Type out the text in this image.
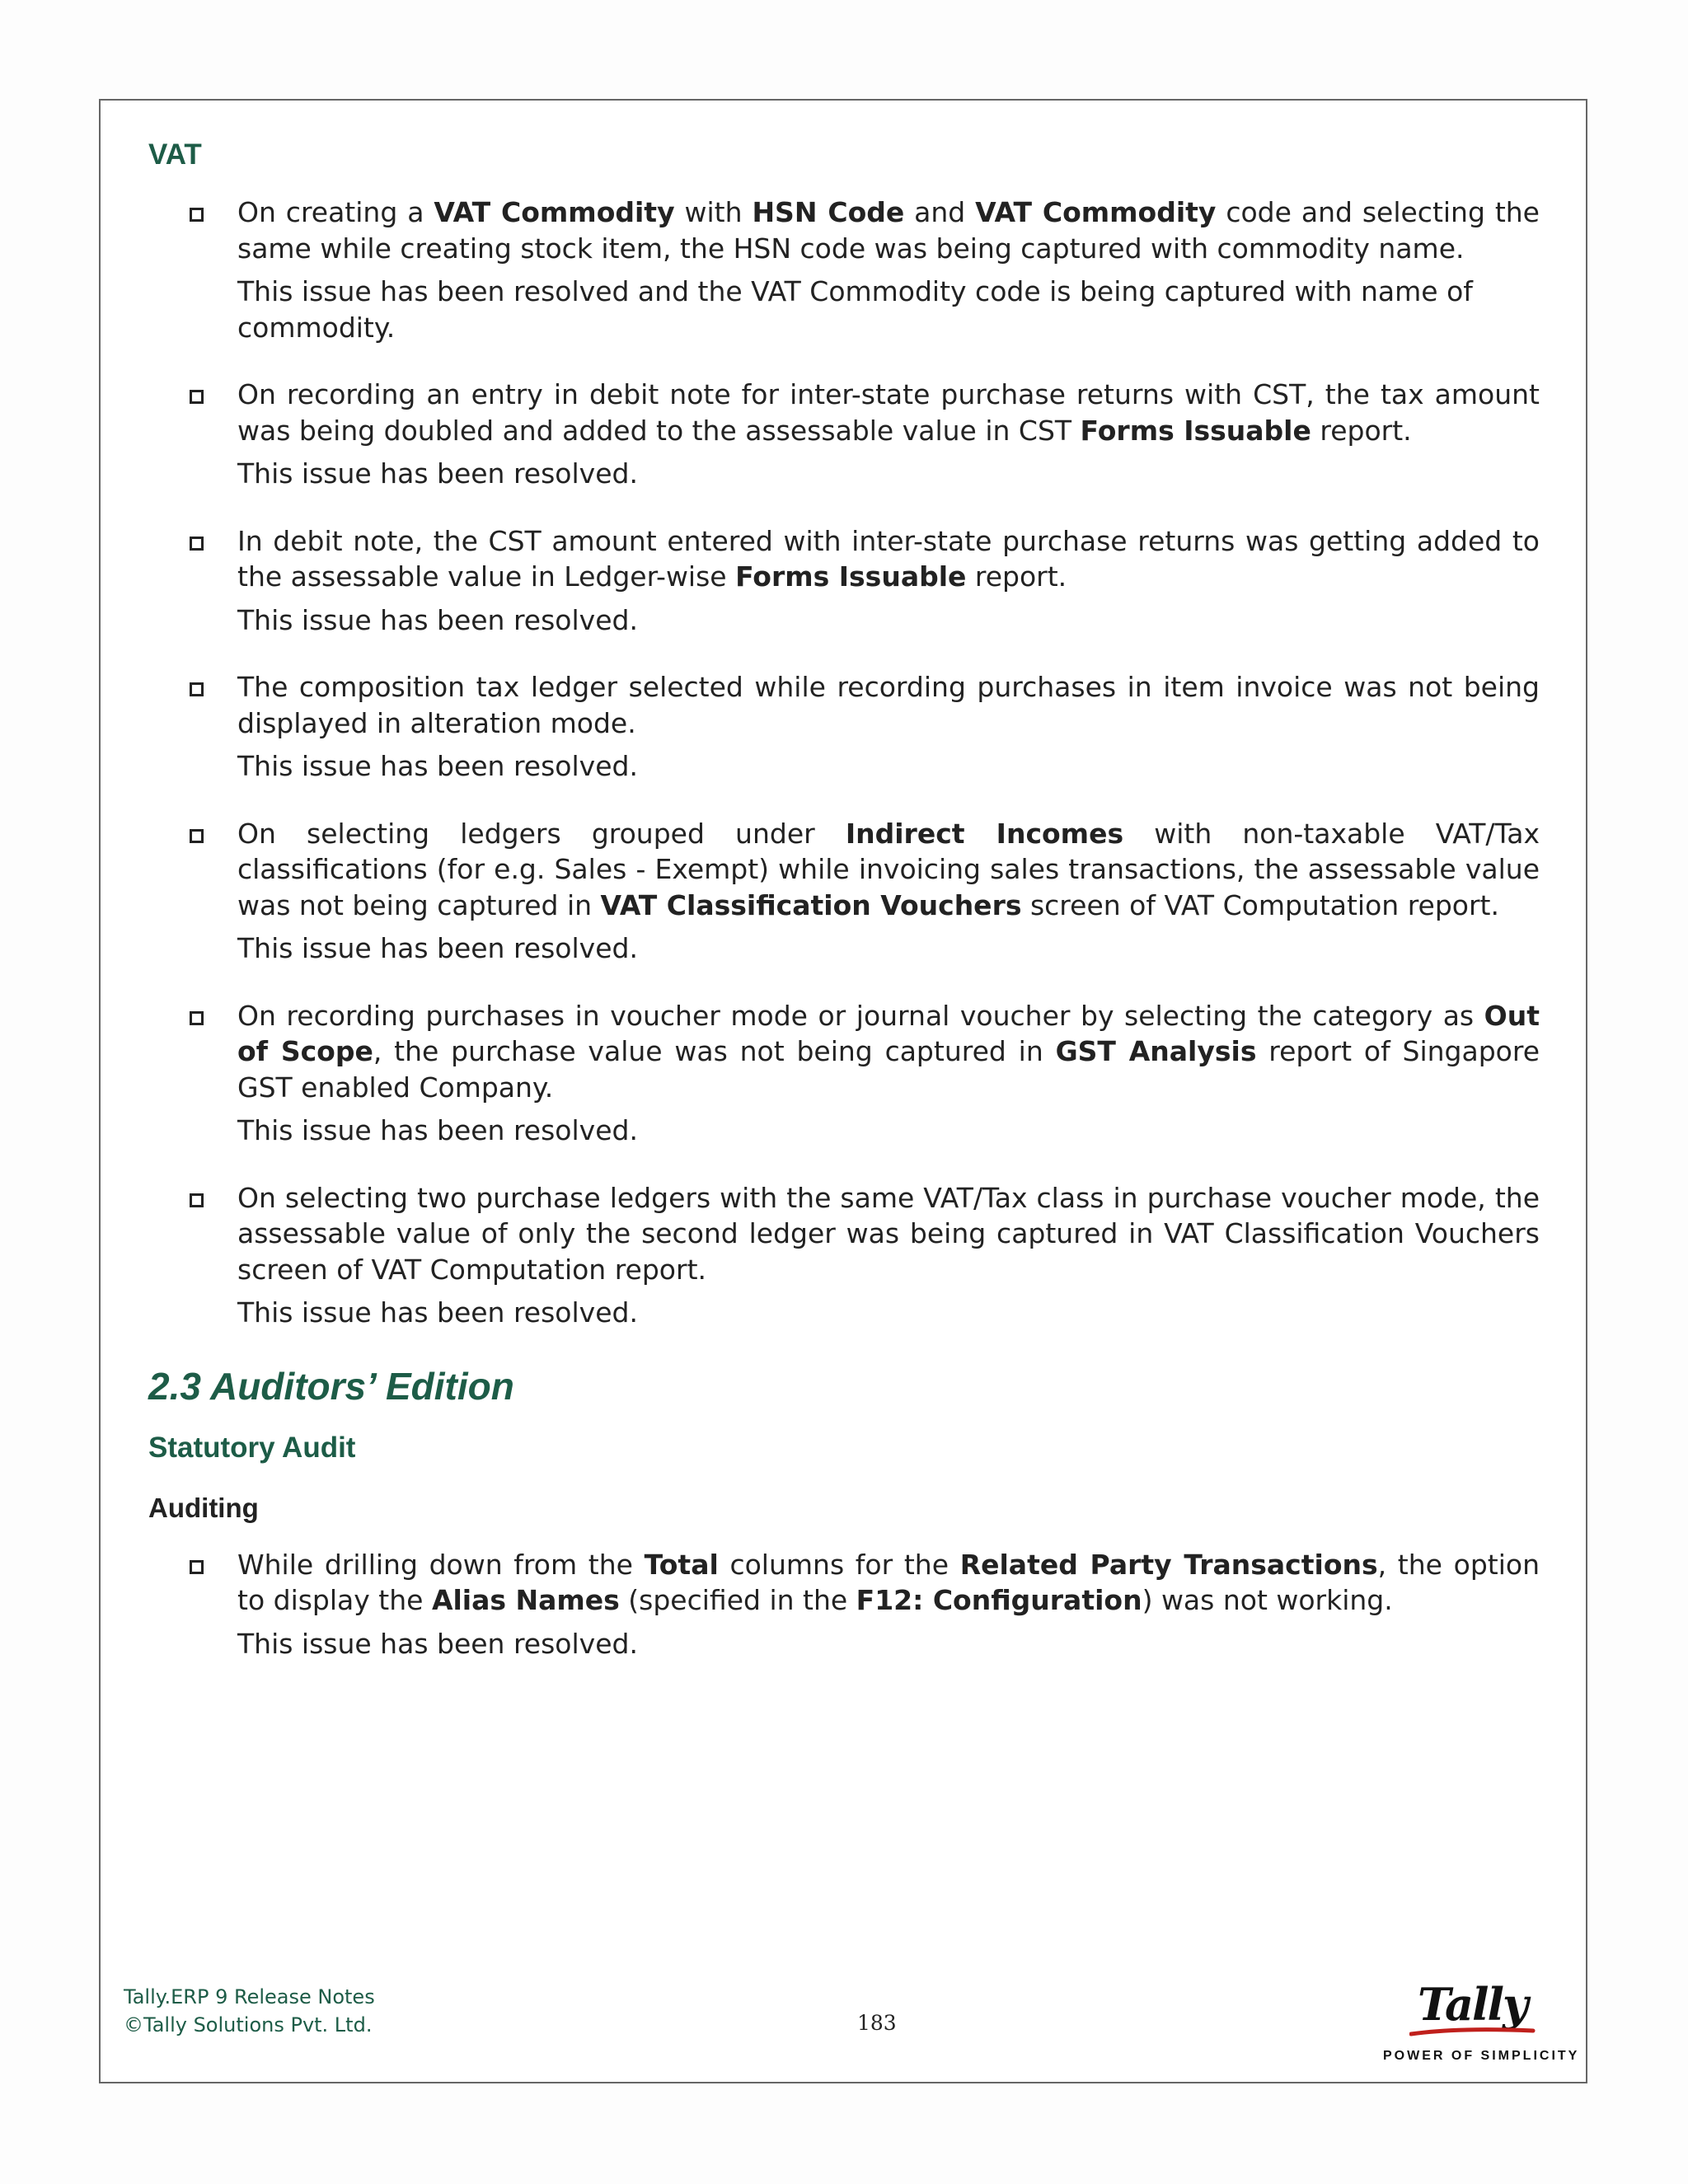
VAT

On creating a VAT Commodity with HSN Code and VAT Commodity code and selecting the same while creating stock item, the HSN code was being captured with commodity name.

This issue has been resolved and the VAT Commodity code is being captured with name of commodity.

On recording an entry in debit note for inter-state purchase returns with CST, the tax amount was being doubled and added to the assessable value in CST Forms Issuable report.

This issue has been resolved.

In debit note, the CST amount entered with inter-state purchase returns was getting added to the assessable value in Ledger-wise Forms Issuable report.

This issue has been resolved.

The composition tax ledger selected while recording purchases in item invoice was not being displayed in alteration mode.

This issue has been resolved.

On selecting ledgers grouped under Indirect Incomes with non-taxable VAT/Tax classifications (for e.g. Sales - Exempt) while invoicing sales transactions, the assessable value was not being captured in VAT Classification Vouchers screen of VAT Computation report.

This issue has been resolved.

On recording purchases in voucher mode or journal voucher by selecting the category as Out of Scope, the purchase value was not being captured in GST Analysis report of Singapore GST enabled Company.

This issue has been resolved.

On selecting two purchase ledgers with the same VAT/Tax class in purchase voucher mode, the assessable value of only the second ledger was being captured in VAT Classification Vouchers screen of VAT Computation report.

This issue has been resolved.

2.3 Auditors’ Edition
Statutory Audit
Auditing

While drilling down from the Total columns for the Related Party Transactions, the option to display the Alias Names (specified in the F12: Configuration) was not working.

This issue has been resolved.

Tally.ERP 9 Release Notes
©Tally Solutions Pvt. Ltd.	183	Tally
POWER OF SIMPLICITY
